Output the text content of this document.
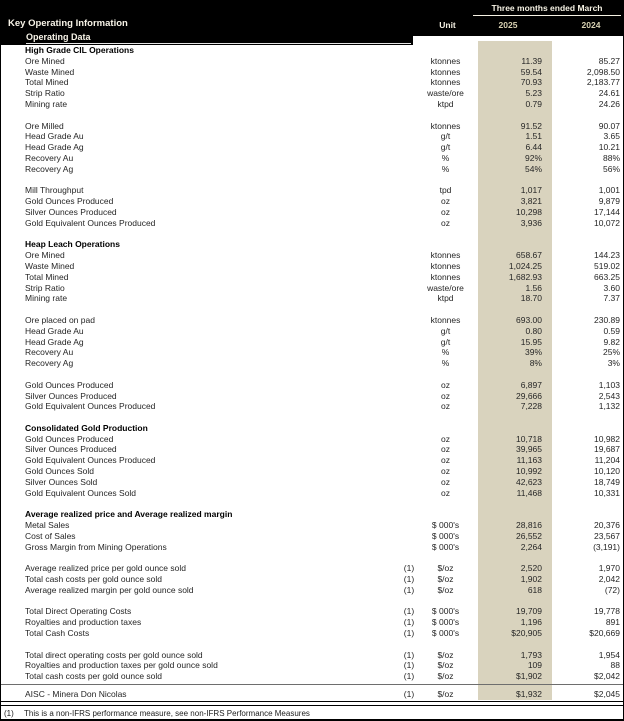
Three months ended March
Key Operating Information	Unit	2025	2024
Operating Data
High Grade CIL Operations
Ore Mined	ktonnes	11.39	85.27
Waste Mined	ktonnes	59.54	2,098.50
Total Mined	ktonnes	70.93	2,183.77
Strip Ratio	waste/ore	5.23	24.61
Mining rate	ktpd	0.79	24.26
Ore Milled	ktonnes	91.52	90.07
Head Grade Au	g/t	1.51	3.65
Head Grade Ag	g/t	6.44	10.21
Recovery Au	%	92%	88%
Recovery Ag	%	54%	56%
Mill Throughput	tpd	1,017	1,001
Gold Ounces Produced	oz	3,821	9,879
Silver Ounces Produced	oz	10,298	17,144
Gold Equivalent Ounces Produced	oz	3,936	10,072
Heap Leach Operations
Ore Mined	ktonnes	658.67	144.23
Waste Mined	ktonnes	1,024.25	519.02
Total Mined	ktonnes	1,682.93	663.25
Strip Ratio	waste/ore	1.56	3.60
Mining rate	ktpd	18.70	7.37
Ore placed on pad	ktonnes	693.00	230.89
Head Grade Au	g/t	0.80	0.59
Head Grade Ag	g/t	15.95	9.82
Recovery Au	%	39%	25%
Recovery Ag	%	8%	3%
Gold Ounces Produced	oz	6,897	1,103
Silver Ounces Produced	oz	29,666	2,543
Gold Equivalent Ounces Produced	oz	7,228	1,132
Consolidated Gold Production
Gold Ounces Produced	oz	10,718	10,982
Silver Ounces Produced	oz	39,965	19,687
Gold Equivalent Ounces Produced	oz	11,163	11,204
Gold Ounces Sold	oz	10,992	10,120
Silver Ounces Sold	oz	42,623	18,749
Gold Equivalent Ounces Sold	oz	11,468	10,331
Average realized price and Average realized margin
Metal Sales	$ 000's	28,816	20,376
Cost of Sales	$ 000's	26,552	23,567
Gross Margin from Mining Operations	$ 000's	2,264	(3,191)
Average realized price per gold ounce sold	(1)	$/oz	2,520	1,970
Total cash costs per gold ounce sold	(1)	$/oz	1,902	2,042
Average realized margin per gold ounce sold	(1)	$/oz	618	(72)
Total Direct Operating Costs	(1)	$ 000's	19,709	19,778
Royalties and production taxes	(1)	$ 000's	1,196	891
Total Cash Costs	(1)	$ 000's	$20,905	$20,669
Total direct operating costs per gold ounce sold	(1)	$/oz	1,793	1,954
Royalties and production taxes per gold ounce sold	(1)	$/oz	109	88
Total cash costs per gold ounce sold	(1)	$/oz	$1,902	$2,042
AISC - Minera Don Nicolas	(1)	$/oz	$1,932	$2,045
(1)	This is a non-IFRS performance measure, see non-IFRS Performance Measures
